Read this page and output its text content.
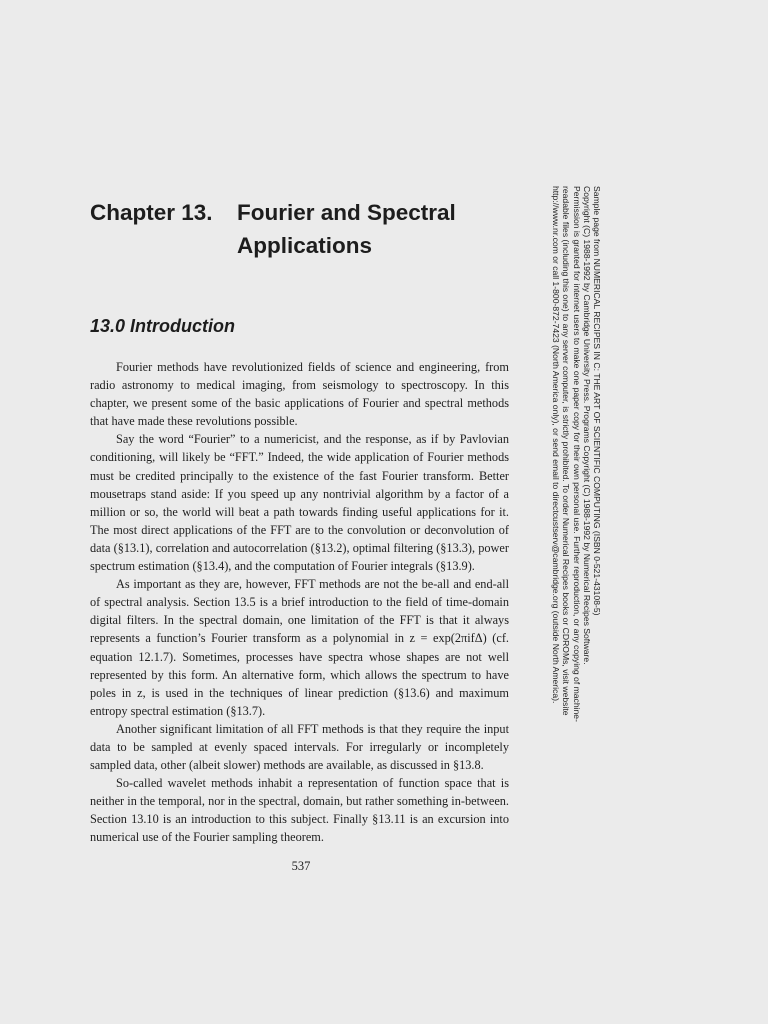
Chapter 13. Fourier and Spectral
Applications
13.0 Introduction

Fourier methods have revolutionized fields of science and engineering, from radio astronomy to medical imaging, from seismology to spectroscopy. In this chapter, we present some of the basic applications of Fourier and spectral methods that have made these revolutions possible.

Say the word “Fourier” to a numericist, and the response, as if by Pavlovian conditioning, will likely be “FFT.” Indeed, the wide application of Fourier methods must be credited principally to the existence of the fast Fourier transform. Better mousetraps stand aside: If you speed up any nontrivial algorithm by a factor of a million or so, the world will beat a path towards finding useful applications for it. The most direct applications of the FFT are to the convolution or deconvolution of data (§13.1), correlation and autocorrelation (§13.2), optimal filtering (§13.3), power spectrum estimation (§13.4), and the computation of Fourier integrals (§13.9).

As important as they are, however, FFT methods are not the be-all and end-all of spectral analysis. Section 13.5 is a brief introduction to the field of time-domain digital filters. In the spectral domain, one limitation of the FFT is that it always represents a function’s Fourier transform as a polynomial in z = exp(2πifΔ) (cf. equation 12.1.7). Sometimes, processes have spectra whose shapes are not well represented by this form. An alternative form, which allows the spectrum to have poles in z, is used in the techniques of linear prediction (§13.6) and maximum entropy spectral estimation (§13.7).

Another significant limitation of all FFT methods is that they require the input data to be sampled at evenly spaced intervals. For irregularly or incompletely sampled data, other (albeit slower) methods are available, as discussed in §13.8.

So-called wavelet methods inhabit a representation of function space that is neither in the temporal, nor in the spectral, domain, but rather something in-between. Section 13.10 is an introduction to this subject. Finally §13.11 is an excursion into numerical use of the Fourier sampling theorem.

537
Sample page from NUMERICAL RECIPES IN C: THE ART OF SCIENTIFIC COMPUTING (ISBN 0-521-43108-5)
Copyright (C) 1988-1992 by Cambridge University Press. Programs Copyright (C) 1988-1992 by Numerical Recipes Software.
Permission is granted for internet users to make one paper copy for their own personal use. Further reproduction, or any copying of machine-
readable files (including this one) to any server computer, is strictly prohibited. To order Numerical Recipes books or CDROMs, visit website
http://www.nr.com or call 1-800-872-7423 (North America only), or send email to directcustserv@cambridge.org (outside North America).
